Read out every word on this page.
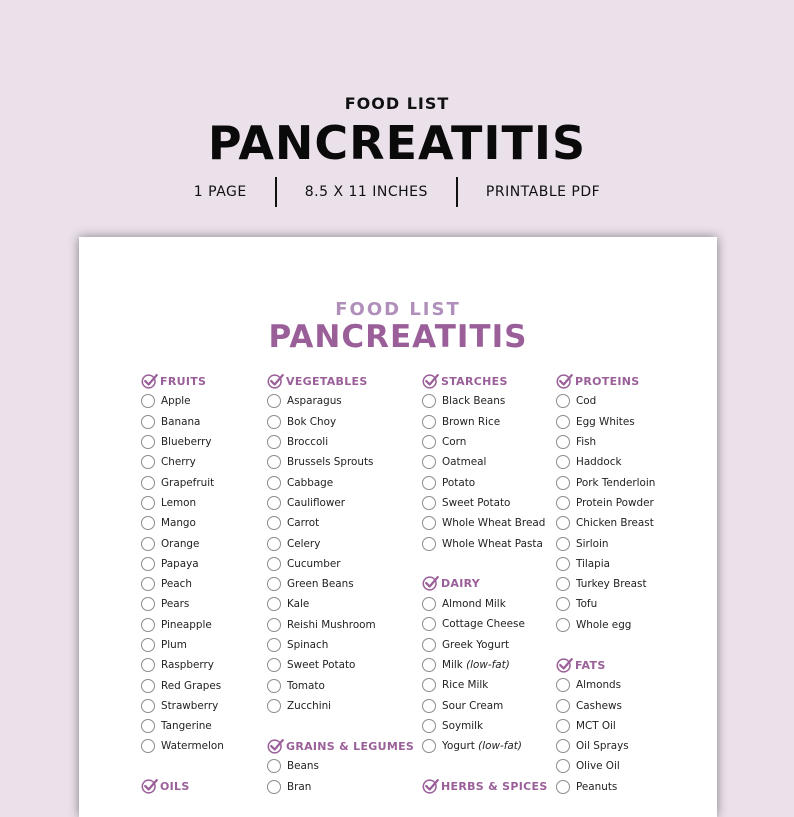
FOOD LIST
PANCREATITIS
1 PAGE	8.5 X 11 INCHES	PRINTABLE PDF
FOOD LIST
PANCREATITIS
FRUITS
Apple
Banana
Blueberry
Cherry
Grapefruit
Lemon
Mango
Orange
Papaya
Peach
Pears
Pineapple
Plum
Raspberry
Red Grapes
Strawberry
Tangerine
Watermelon
OILS
VEGETABLES
Asparagus
Bok Choy
Broccoli
Brussels Sprouts
Cabbage
Cauliflower
Carrot
Celery
Cucumber
Green Beans
Kale
Reishi Mushroom
Spinach
Sweet Potato
Tomato
Zucchini
GRAINS & LEGUMES
Beans
Bran
STARCHES
Black Beans
Brown Rice
Corn
Oatmeal
Potato
Sweet Potato
Whole Wheat Bread
Whole Wheat Pasta
DAIRY
Almond Milk
Cottage Cheese
Greek Yogurt
Milk (low-fat)
Rice Milk
Sour Cream
Soymilk
Yogurt (low-fat)
HERBS & SPICES
PROTEINS
Cod
Egg Whites
Fish
Haddock
Pork Tenderloin
Protein Powder
Chicken Breast
Sirloin
Tilapia
Turkey Breast
Tofu
Whole egg
FATS
Almonds
Cashews
MCT Oil
Oil Sprays
Olive Oil
Peanuts
